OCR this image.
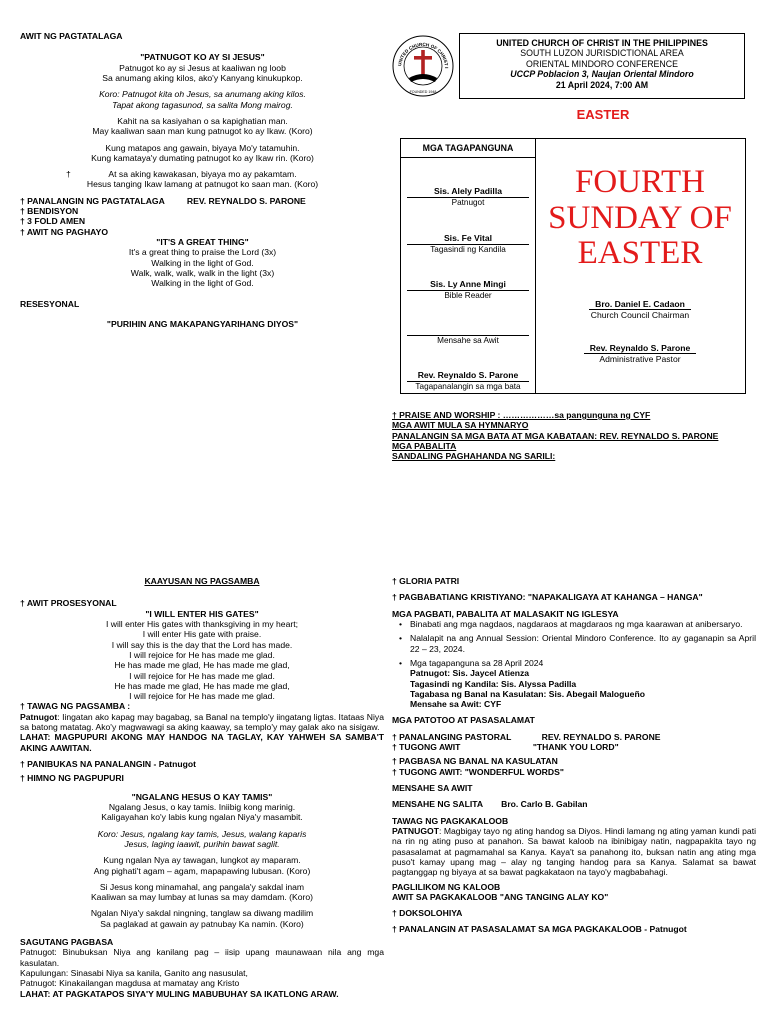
AWIT NG PAGTATALAGA
"PATNUGOT KO AY SI JESUS"
Patnugot ko ay si Jesus at kaaliwan ng loob
Sa anumang aking kilos, ako'y Kanyang kinukupkop.
Koro: Patnugot kita oh Jesus, sa anumang aking kilos.
Tapat akong tagasunod, sa salita Mong mairog.
Kahit na sa kasiyahan o sa kapighatian man.
May kaaliwan saan man kung patnugot ko ay Ikaw. (Koro)
Kung matapos ang gawain, biyaya Mo'y tatamuhin.
Kung kamataya'y dumating patnugot ko ay Ikaw rin. (Koro)
†	At sa aking kawakasan, biyaya mo ay pakamtam.
Hesus tanging Ikaw lamang at patnugot ko saan man. (Koro)
† PANALANGIN NG PAGTATALAGA	REV. REYNALDO S. PARONE
† BENDISYON
† 3 FOLD AMEN
† AWIT NG PAGHAYO
"IT'S A GREAT THING"
It's a great thing to praise the Lord (3x)
Walking in the light of God.
Walk, walk, walk, walk in the light (3x)
Walking in the light of God.
RESESYONAL
"PURIHIN ANG MAKAPANGYARIHANG DIYOS"
UNITED CHURCH OF CHRIST I
FOUNDED 1948
UNITED CHURCH OF CHRIST IN THE PHILIPPINES
SOUTH LUZON JURISDICTIONAL AREA
ORIENTAL MINDORO CONFERENCE
UCCP Poblacion 3, Naujan Oriental Mindoro
21 April 2024, 7:00 AM
EASTER
MGA TAGAPANGUNA
Sis. Alely Padilla
Patnugot
Sis. Fe Vital
Tagasindi ng Kandila
Sis. Ly Anne Mingi
Bible Reader
Mensahe sa Awit
Rev. Reynaldo S. Parone
Tagapanalangin sa mga bata
FOURTH
SUNDAY OF
EASTER
Bro. Daniel E. Cadaon
Church Council Chairman
Rev. Reynaldo S. Parone
Administrative Pastor
† PRAISE AND WORSHIP : ………………sa pangunguna ng CYF
MGA AWIT MULA SA HYMNARYO
PANALANGIN SA MGA BATA AT MGA KABATAAN: REV. REYNALDO S. PARONE
MGA PABALITA
SANDALING PAGHAHANDA NG SARILI:
KAAYUSAN NG PAGSAMBA
† AWIT PROSESYONAL
"I WILL ENTER HIS GATES"
I will enter His gates with thanksgiving in my heart;
I will enter His gate with praise.
I will say this is the day that the Lord has made.
I will rejoice for He has made me glad.
He has made me glad, He has made me glad,
I will rejoice for He has made me glad.
He has made me glad, He has made me glad,
I will rejoice for He has made me glad.
† TAWAG NG PAGSAMBA :
Patnugot: Iingatan ako kapag may bagabag, sa Banal na templo'y iingatang ligtas. Itataas Niya sa batong matatag. Ako'y magwawagi sa aking kaaway, sa templo'y may galak ako na sisigaw.
LAHAT: MAGPUPURI AKONG MAY HANDOG NA TAGLAY, KAY YAHWEH SA SAMBA'T AKING AAWITAN.
† PANIBUKAS NA PANALANGIN - Patnugot
† HIMNO NG PAGPUPURI
"NGALANG HESUS O KAY TAMIS"
Ngalang Jesus, o kay tamis. Iniibig kong marinig.
Kaligayahan ko'y labis kung ngalan Niya'y masambit.
Koro: Jesus, ngalang kay tamis, Jesus, walang kaparis
Jesus, laging iaawit, purihin bawat saglit.
Kung ngalan Nya ay tawagan, lungkot ay maparam.
Ang pighati't agam – agam, mapapawing lubusan. (Koro)
Si Jesus kong minamahal, ang pangala'y sakdal inam
Kaaliwan sa may lumbay at lunas sa may damdam. (Koro)
Ngalan Niya'y sakdal ningning, tanglaw sa diwang madilim
Sa paglakad at gawain ay patnubay Ka namin. (Koro)
SAGUTANG PAGBASA
Patnugot: Binubuksan Niya ang kanilang pag – iisip upang maunawaan nila ang mga kasulatan.
Kapulungan: Sinasabi Niya sa kanila, Ganito ang nasusulat,
Patnugot: Kinakailangan magdusa at mamatay ang Kristo
LAHAT: AT PAGKATAPOS SIYA'Y MULING MABUBUHAY SA IKATLONG ARAW.
† GLORIA PATRI
† PAGBABATIANG KRISTIYANO: "NAPAKALIGAYA AT KAHANGA – HANGA"
MGA PAGBATI, PABALITA AT MALASAKIT NG IGLESYA
• Binabati ang mga nagdaos, nagdaraos at magdaraos ng mga kaarawan at anibersaryo.
• Nalalapit na ang Annual Session: Oriental Mindoro Conference. Ito ay gaganapin sa April 22 – 23, 2024.
• Mga tagapanguna sa 28 April 2024
Patnugot: Sis. Jaycel Atienza
Tagasindi ng Kandila: Sis. Alyssa Padilla
Tagabasa ng Banal na Kasulatan: Sis. Abegail Malogueño
Mensahe sa Awit: CYF
MGA PATOTOO AT PASASALAMAT
† PANALANGING PASTORAL	REV. REYNALDO S. PARONE
† TUGONG AWIT	"THANK YOU LORD"
† PAGBASA NG BANAL NA KASULATAN
† TUGONG AWIT: "WONDERFUL WORDS"
MENSAHE SA AWIT
MENSAHE NG SALITA Bro. Carlo B. Gabilan
TAWAG NG PAGKAKALOOB
PATNUGOT: Magbigay tayo ng ating handog sa Diyos. Hindi lamang ng ating yaman kundi pati na rin ng ating puso at panahon. Sa bawat kaloob na ibinibigay natin, nagpapakita tayo ng pasasalamat at pagmamahal sa Kanya. Kaya't sa panahong ito, buksan natin ang ating mga puso't kamay upang mag – alay ng tanging handog para sa Kanya. Salamat sa bawat pagtanggap ng biyaya at sa bawat pagkakataon na tayo'y magbabahagi.
PAGLILIKOM NG KALOOB
AWIT SA PAGKAKALOOB "ANG TANGING ALAY KO"
† DOKSOLOHIYA
† PANALANGIN AT PASASALAMAT SA MGA PAGKAKALOOB - Patnugot
